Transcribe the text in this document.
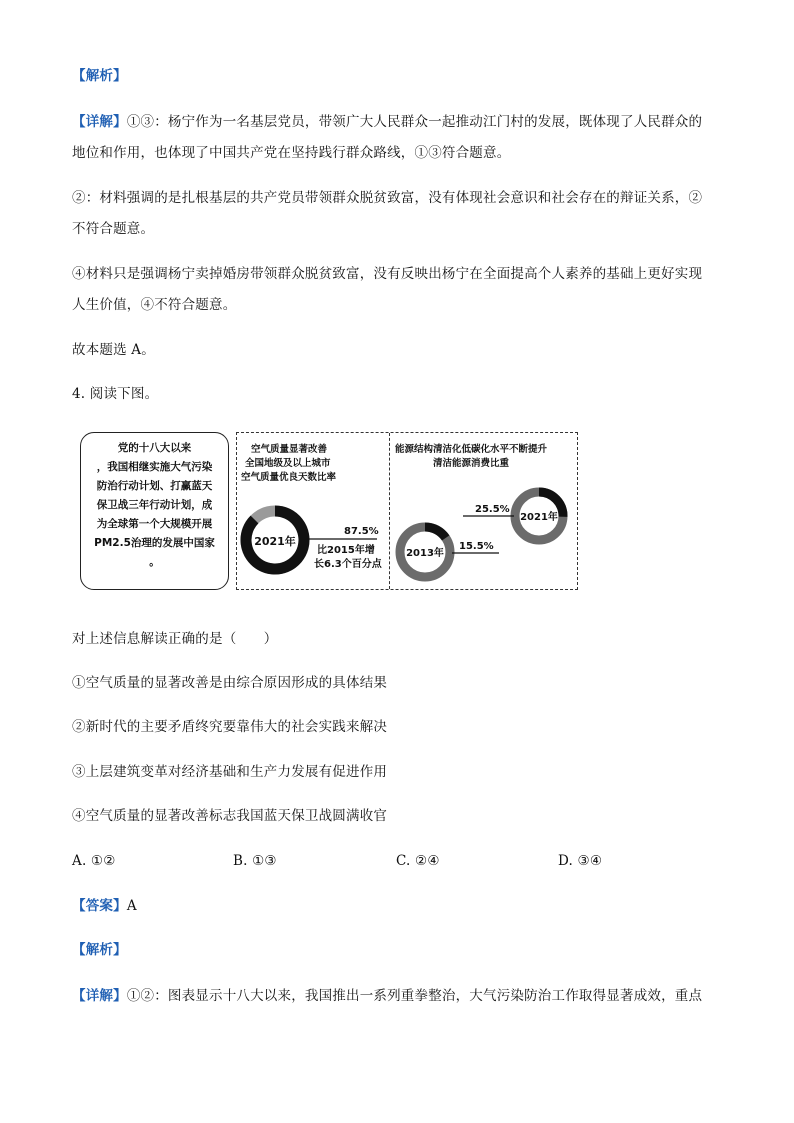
【解析】
【详解】①③：杨宁作为一名基层党员，带领广大人民群众一起推动江门村的发展，既体现了人民群众的
地位和作用，也体现了中国共产党在坚持践行群众路线，①③符合题意。
②：材料强调的是扎根基层的共产党员带领群众脱贫致富，没有体现社会意识和社会存在的辩证关系，②
不符合题意。
④材料只是强调杨宁卖掉婚房带领群众脱贫致富，没有反映出杨宁在全面提高个人素养的基础上更好实现
人生价值，④不符合题意。
故本题选 A。
4. 阅读下图。
党的十八大以来
，我国相继实施大气污染
防治行动计划、打赢蓝天
保卫战三年行动计划，成
为全球第一个大规模开展
PM2.5治理的发展中国家
。
空气质量显著改善
全国地级及以上城市
空气质量优良天数比率
能源结构清洁化低碳化水平不断提升
清洁能源消费比重
2021年
87.5%
比2015年增
长6.3个百分点
2013年
15.5%
2021年
25.5%
对上述信息解读正确的是（　　）
①空气质量的显著改善是由综合原因形成的具体结果
②新时代的主要矛盾终究要靠伟大的社会实践来解决
③上层建筑变革对经济基础和生产力发展有促进作用
④空气质量的显著改善标志我国蓝天保卫战圆满收官
A. ①②	B. ①③	C. ②④	D. ③④
【答案】A
【解析】
【详解】①②：图表显示十八大以来，我国推出一系列重拳整治，大气污染防治工作取得显著成效，重点
